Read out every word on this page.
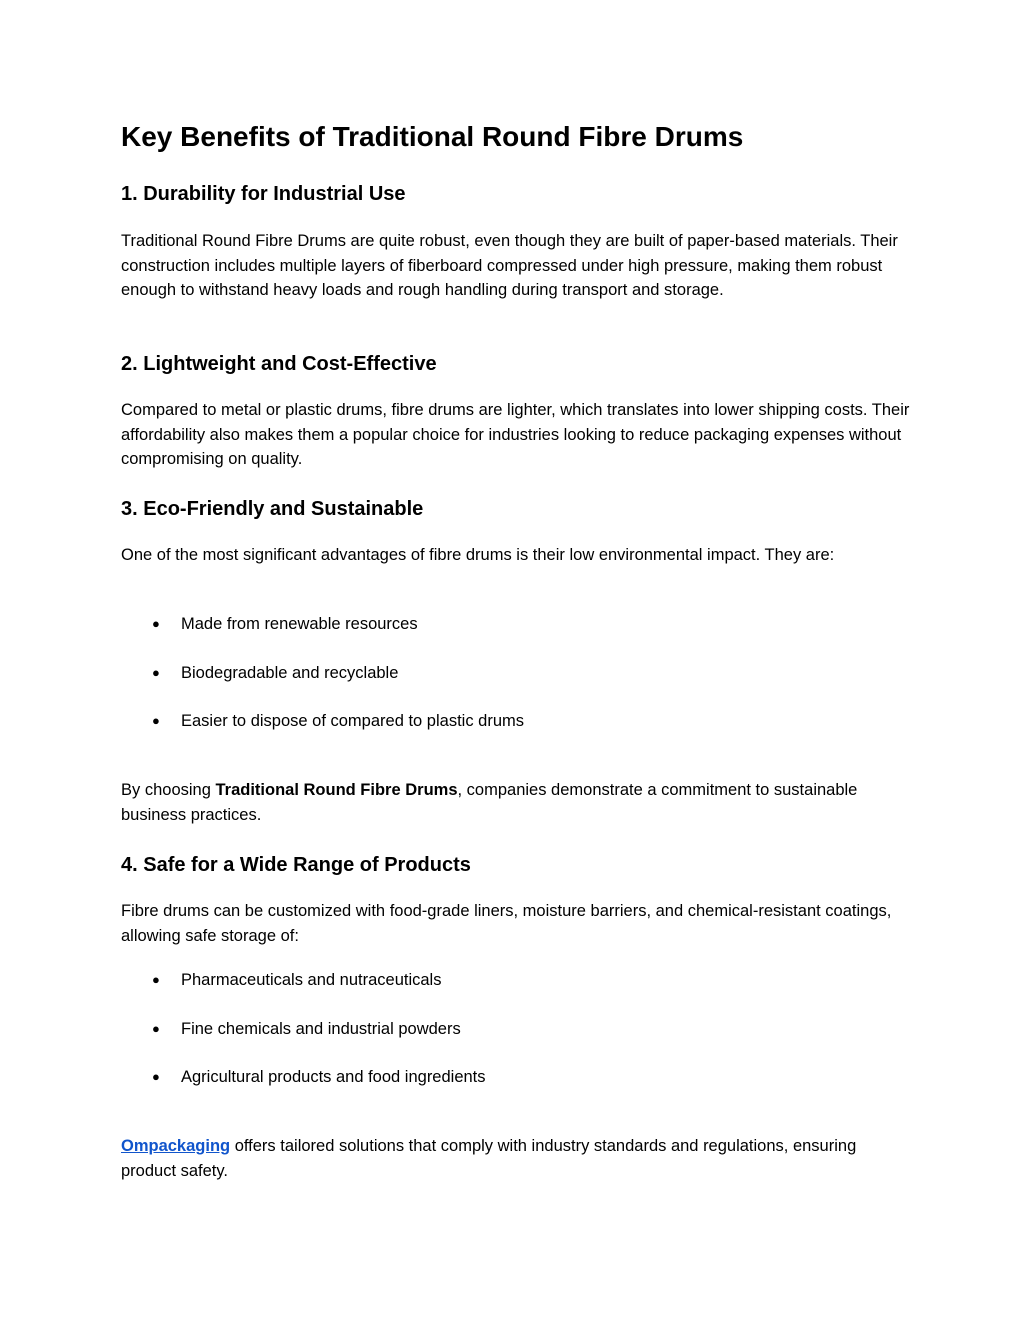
Key Benefits of Traditional Round Fibre Drums
1. Durability for Industrial Use

Traditional Round Fibre Drums are quite robust, even though they are built of paper-based materials. Their construction includes multiple layers of fiberboard compressed under high pressure, making them robust enough to withstand heavy loads and rough handling during transport and storage.

2. Lightweight and Cost-Effective

Compared to metal or plastic drums, fibre drums are lighter, which translates into lower shipping costs. Their affordability also makes them a popular choice for industries looking to reduce packaging expenses without compromising on quality.

3. Eco-Friendly and Sustainable

One of the most significant advantages of fibre drums is their low environmental impact. They are:

● Made from renewable resources
● Biodegradable and recyclable
● Easier to dispose of compared to plastic drums

By choosing Traditional Round Fibre Drums, companies demonstrate a commitment to sustainable business practices.

4. Safe for a Wide Range of Products

Fibre drums can be customized with food-grade liners, moisture barriers, and chemical-resistant coatings, allowing safe storage of:

● Pharmaceuticals and nutraceuticals
● Fine chemicals and industrial powders
● Agricultural products and food ingredients

Ompackaging offers tailored solutions that comply with industry standards and regulations, ensuring product safety.
